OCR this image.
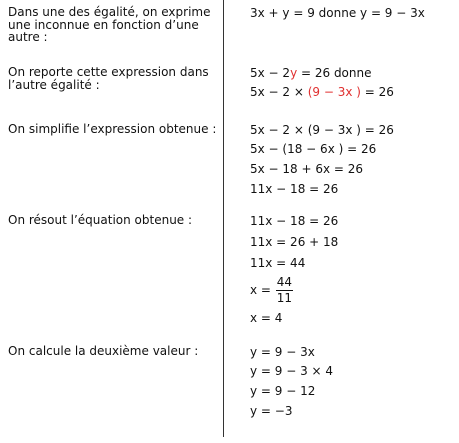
Dans une des égalité, on exprime une inconnue en fonction d’une autre :
3x + y = 9 donne y = 9 − 3x
On reporte cette expression dans l’autre égalité :
5x − 2y = 26 donne
5x − 2 × (9 − 3x ) = 26
On simplifie l’expression obtenue :	5x − 2 × (9 − 3x ) = 26
5x − (18 − 6x ) = 26
5x − 18 + 6x = 26
11x − 18 = 26
On résout l’équation obtenue :	11x − 18 = 26
11x = 26 + 18
11x = 44
$x = \frac{44}{11}$
x = 4
On calcule la deuxième valeur :	y = 9 − 3x
y = 9 − 3 × 4
y = 9 − 12
y = −3
